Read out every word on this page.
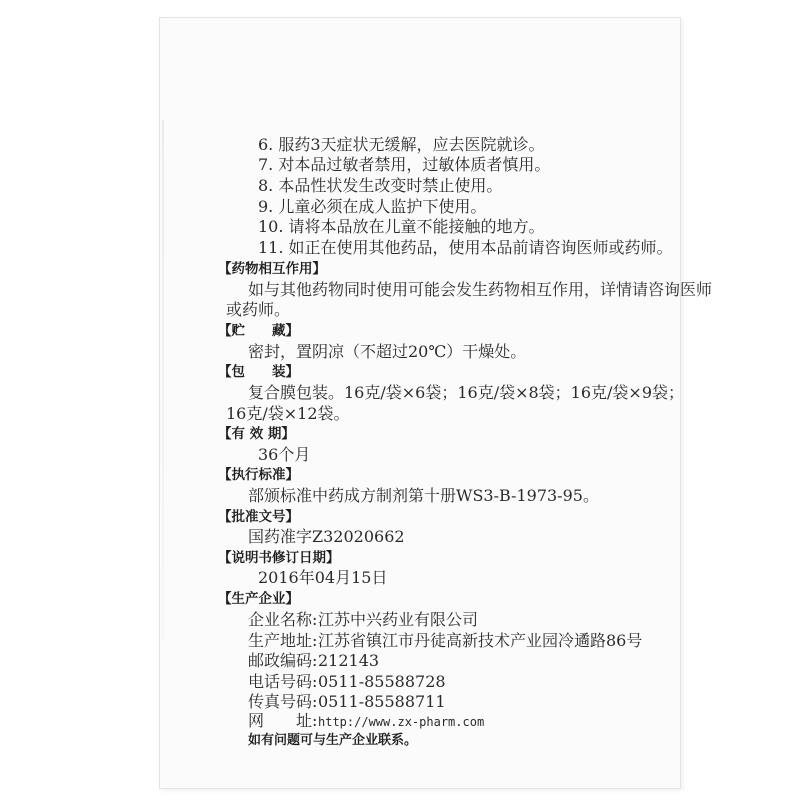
6. 服药3天症状无缓解，应去医院就诊。
7. 对本品过敏者禁用，过敏体质者慎用。
8. 本品性状发生改变时禁止使用。
9. 儿童必须在成人监护下使用。
10. 请将本品放在儿童不能接触的地方。
11. 如正在使用其他药品，使用本品前请咨询医师或药师。
【药物相互作用】
如与其他药物同时使用可能会发生药物相互作用，详情请咨询医师
或药师。
【贮　　藏】
密封，置阴凉（不超过20℃）干燥处。
【包　　装】
复合膜包装。16克/袋×6袋；16克/袋×8袋；16克/袋×9袋；
16克/袋×12袋。
【有 效 期】
36个月
【执行标准】
部颁标准中药成方制剂第十册WS3-B-1973-95。
【批准文号】
国药准字Z32020662
【说明书修订日期】
2016年04月15日
【生产企业】
企业名称:江苏中兴药业有限公司
生产地址:江苏省镇江市丹徒高新技术产业园冷遹路86号
邮政编码:212143
电话号码:0511-85588728
传真号码:0511-85588711
网　　址:http://www.zx-pharm.com
如有问题可与生产企业联系。
